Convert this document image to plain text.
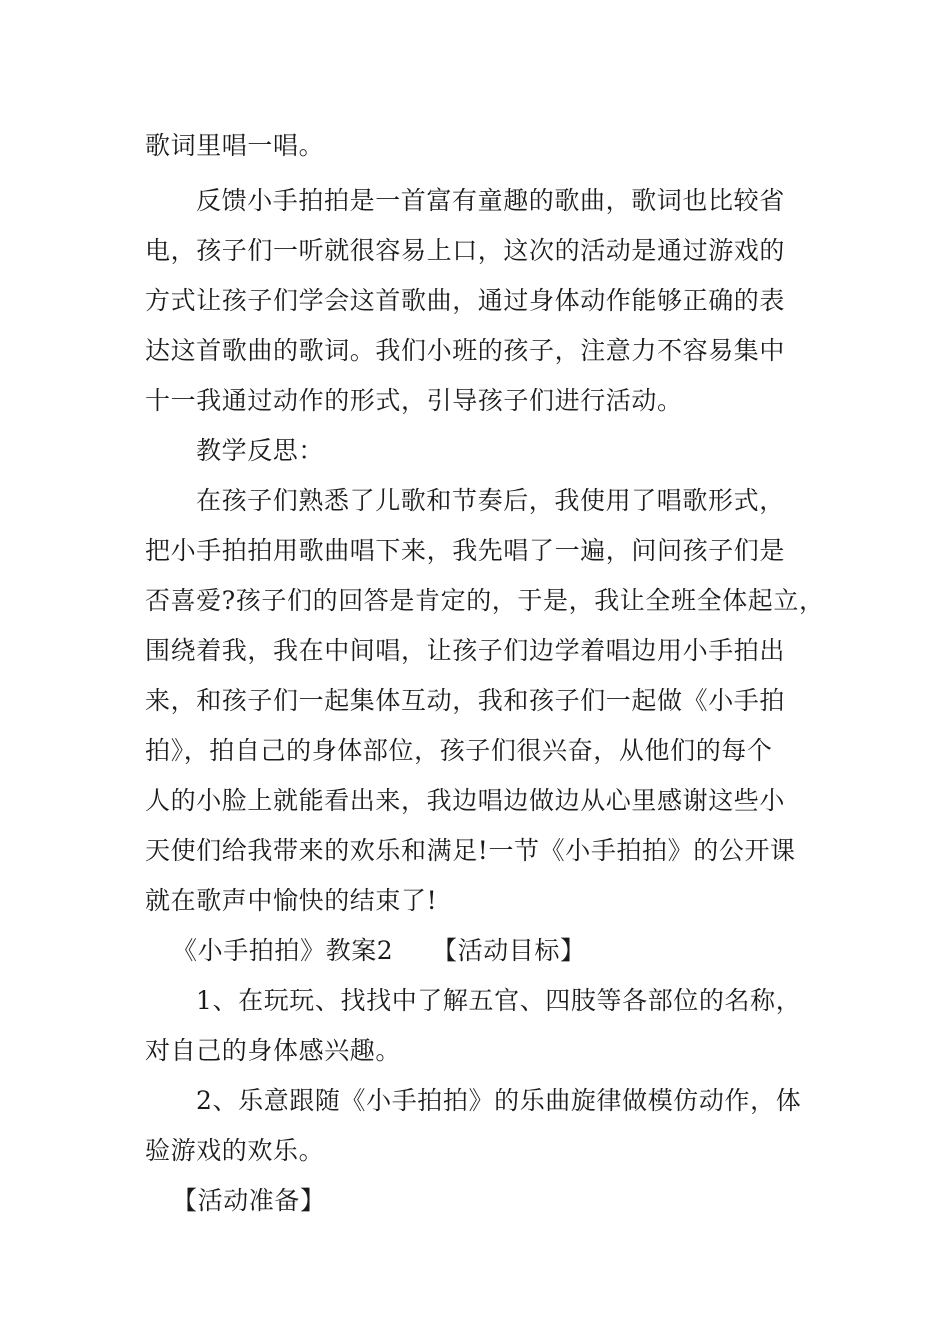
歌词里唱一唱。
反馈小手拍拍是一首富有童趣的歌曲，歌词也比较省
电，孩子们一听就很容易上口，这次的活动是通过游戏的
方式让孩子们学会这首歌曲，通过身体动作能够正确的表
达这首歌曲的歌词。我们小班的孩子，注意力不容易集中
十一我通过动作的形式，引导孩子们进行活动。
教学反思：
在孩子们熟悉了儿歌和节奏后，我使用了唱歌形式，
把小手拍拍用歌曲唱下来，我先唱了一遍，问问孩子们是
否喜爱?孩子们的回答是肯定的，于是，我让全班全体起立，
围绕着我，我在中间唱，让孩子们边学着唱边用小手拍出
来，和孩子们一起集体互动，我和孩子们一起做《小手拍
拍》，拍自己的身体部位，孩子们很兴奋，从他们的每个
人的小脸上就能看出来，我边唱边做边从心里感谢这些小
天使们给我带来的欢乐和满足!一节《小手拍拍》的公开课
就在歌声中愉快的结束了!
《小手拍拍》教案2　　【活动目标】
1、在玩玩、找找中了解五官、四肢等各部位的名称，
对自己的身体感兴趣。
2、乐意跟随《小手拍拍》的乐曲旋律做模仿动作，体
验游戏的欢乐。
【活动准备】
